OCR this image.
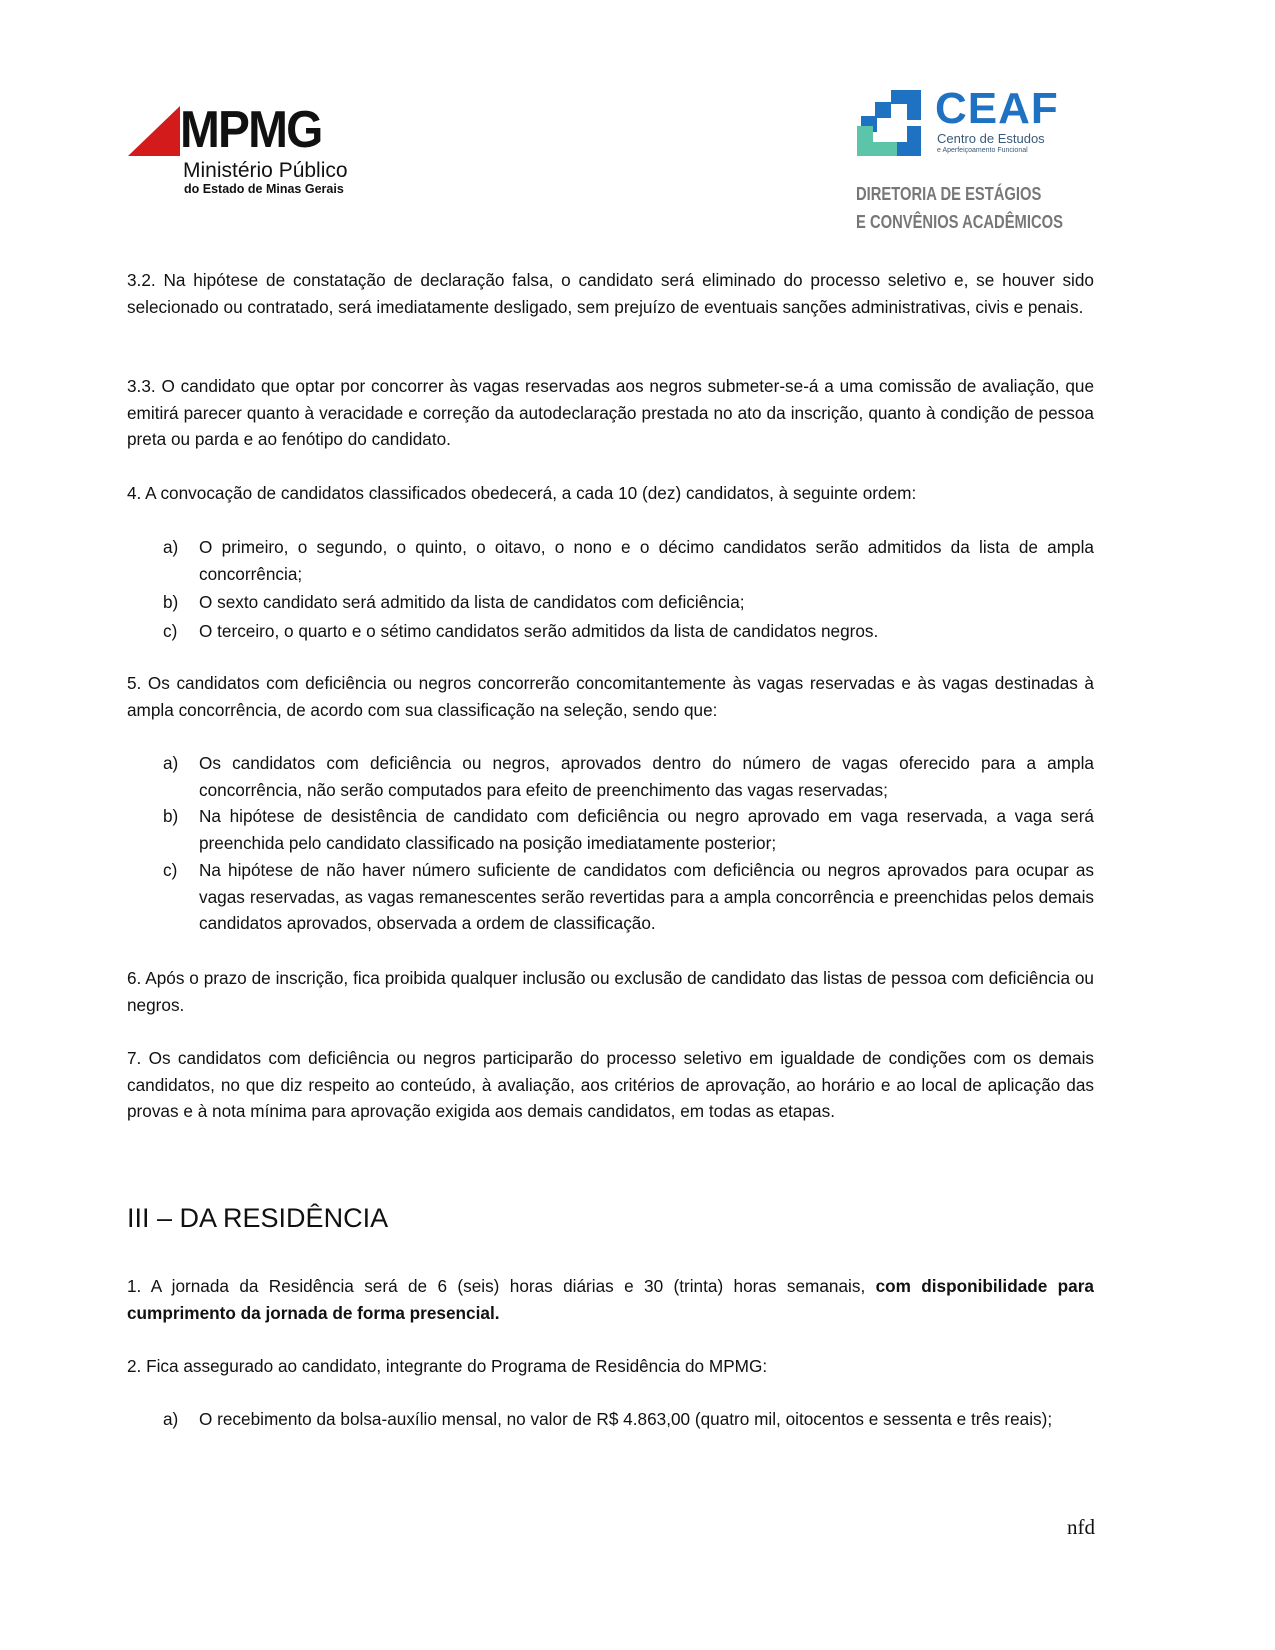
MPMG
Ministério Público
do Estado de Minas Gerais
CEAF
Centro de Estudos
e Aperfeiçoamento Funcional
DIRETORIA DE ESTÁGIOS
E CONVÊNIOS ACADÊMICOS
3.2. Na hipótese de constatação de declaração falsa, o candidato será eliminado do processo seletivo e, se houver sido selecionado ou contratado, será imediatamente desligado, sem prejuízo de eventuais sanções administrativas, civis e penais.
3.3. O candidato que optar por concorrer às vagas reservadas aos negros submeter-se-á a uma comissão de avaliação, que emitirá parecer quanto à veracidade e correção da autodeclaração prestada no ato da inscrição, quanto à condição de pessoa preta ou parda e ao fenótipo do candidato.
4. A convocação de candidatos classificados obedecerá, a cada 10 (dez) candidatos, à seguinte ordem:
a) O primeiro, o segundo, o quinto, o oitavo, o nono e o décimo candidatos serão admitidos da lista de ampla concorrência;
b) O sexto candidato será admitido da lista de candidatos com deficiência;
c) O terceiro, o quarto e o sétimo candidatos serão admitidos da lista de candidatos negros.
5. Os candidatos com deficiência ou negros concorrerão concomitantemente às vagas reservadas e às vagas destinadas à ampla concorrência, de acordo com sua classificação na seleção, sendo que:
a) Os candidatos com deficiência ou negros, aprovados dentro do número de vagas oferecido para a ampla concorrência, não serão computados para efeito de preenchimento das vagas reservadas;
b) Na hipótese de desistência de candidato com deficiência ou negro aprovado em vaga reservada, a vaga será preenchida pelo candidato classificado na posição imediatamente posterior;
c) Na hipótese de não haver número suficiente de candidatos com deficiência ou negros aprovados para ocupar as vagas reservadas, as vagas remanescentes serão revertidas para a ampla concorrência e preenchidas pelos demais candidatos aprovados, observada a ordem de classificação.
6. Após o prazo de inscrição, fica proibida qualquer inclusão ou exclusão de candidato das listas de pessoa com deficiência ou negros.
7. Os candidatos com deficiência ou negros participarão do processo seletivo em igualdade de condições com os demais candidatos, no que diz respeito ao conteúdo, à avaliação, aos critérios de aprovação, ao horário e ao local de aplicação das provas e à nota mínima para aprovação exigida aos demais candidatos, em todas as etapas.
III – DA RESIDÊNCIA
1. A jornada da Residência será de 6 (seis) horas diárias e 30 (trinta) horas semanais, com disponibilidade para cumprimento da jornada de forma presencial.
2. Fica assegurado ao candidato, integrante do Programa de Residência do MPMG:
a) O recebimento da bolsa-auxílio mensal, no valor de R$ 4.863,00 (quatro mil, oitocentos e sessenta e três reais);
nfd
